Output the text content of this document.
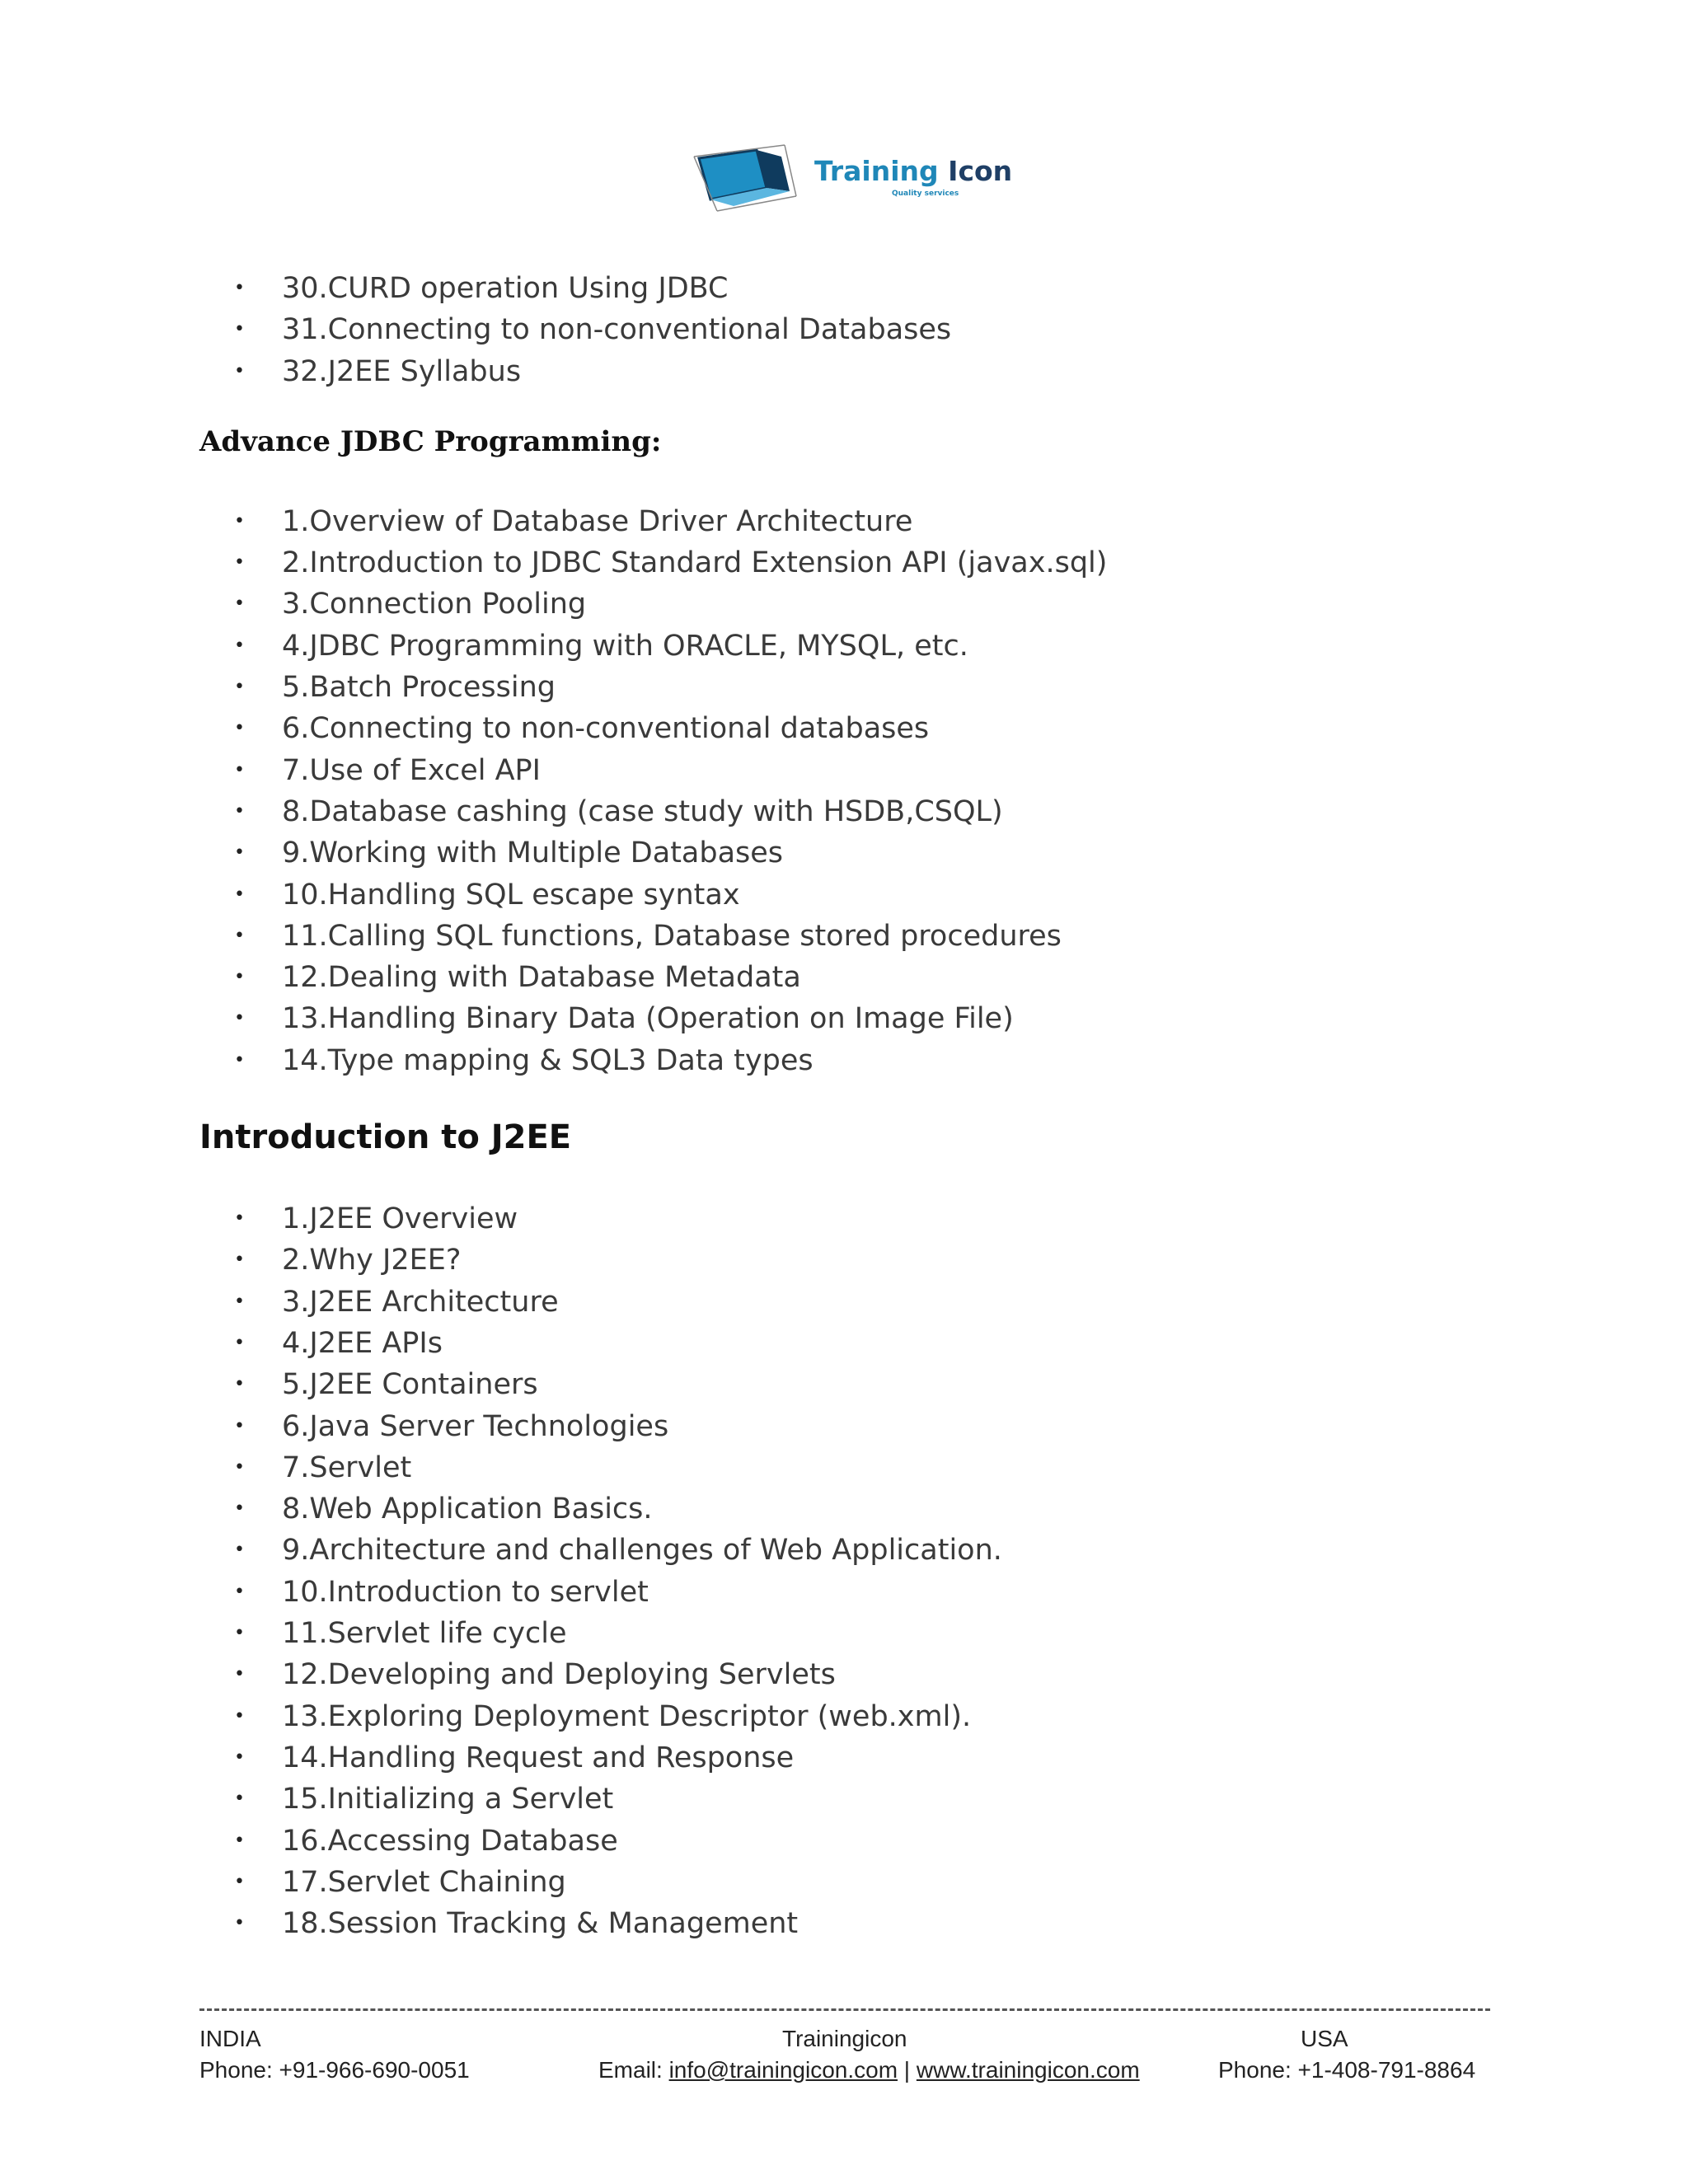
Training Icon
Quality services
• 30.CURD operation Using JDBC
• 31.Connecting to non-conventional Databases
• 32.J2EE Syllabus
Advance JDBC Programming:
• 1.Overview of Database Driver Architecture
• 2.Introduction to JDBC Standard Extension API (javax.sql)
• 3.Connection Pooling
• 4.JDBC Programming with ORACLE, MYSQL, etc.
• 5.Batch Processing
• 6.Connecting to non-conventional databases
• 7.Use of Excel API
• 8.Database cashing (case study with HSDB,CSQL)
• 9.Working with Multiple Databases
• 10.Handling SQL escape syntax
• 11.Calling SQL functions, Database stored procedures
• 12.Dealing with Database Metadata
• 13.Handling Binary Data (Operation on Image File)
• 14.Type mapping & SQL3 Data types
Introduction to J2EE
• 1.J2EE Overview
• 2.Why J2EE?
• 3.J2EE Architecture
• 4.J2EE APIs
• 5.J2EE Containers
• 6.Java Server Technologies
• 7.Servlet
• 8.Web Application Basics.
• 9.Architecture and challenges of Web Application.
• 10.Introduction to servlet
• 11.Servlet life cycle
• 12.Developing and Deploying Servlets
• 13.Exploring Deployment Descriptor (web.xml).
• 14.Handling Request and Response
• 15.Initializing a Servlet
• 16.Accessing Database
• 17.Servlet Chaining
• 18.Session Tracking & Management
INDIA
Phone: +91-966-690-0051
Trainingicon
Email: info@trainingicon.com | www.trainingicon.com
USA
Phone: +1-408-791-8864
